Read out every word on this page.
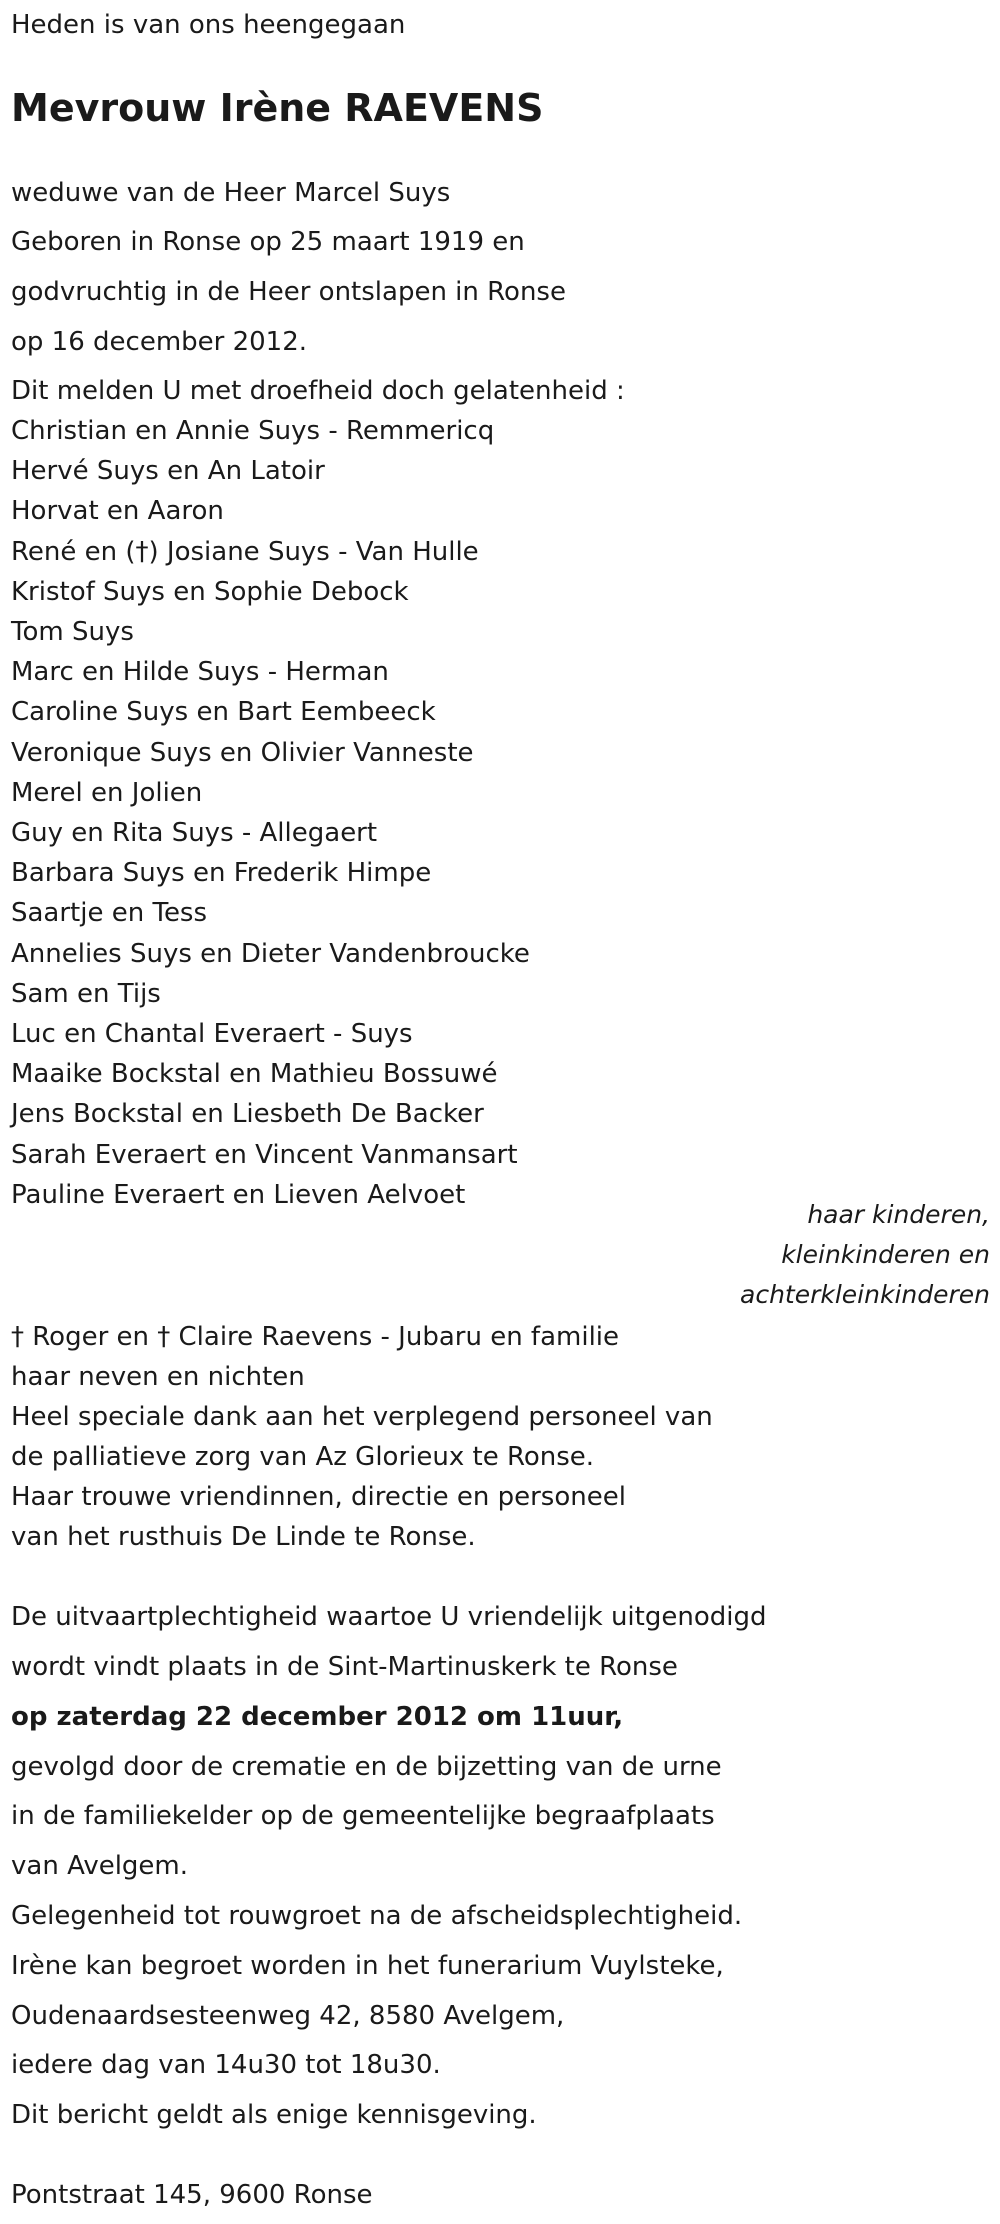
Heden is van ons heengegaan
Mevrouw Irène RAEVENS
weduwe van de Heer Marcel Suys
Geboren in Ronse op 25 maart 1919 en
godvruchtig in de Heer ontslapen in Ronse
op 16 december 2012.
Dit melden U met droefheid doch gelatenheid :
Christian en Annie Suys - Remmericq
Hervé Suys en An Latoir
Horvat en Aaron
René en (†) Josiane Suys - Van Hulle
Kristof Suys en Sophie Debock
Tom Suys
Marc en Hilde Suys - Herman
Caroline Suys en Bart Eembeeck
Veronique Suys en Olivier Vanneste
Merel en Jolien
Guy en Rita Suys - Allegaert
Barbara Suys en Frederik Himpe
Saartje en Tess
Annelies Suys en Dieter Vandenbroucke
Sam en Tijs
Luc en Chantal Everaert - Suys
Maaike Bockstal en Mathieu Bossuwé
Jens Bockstal en Liesbeth De Backer
Sarah Everaert en Vincent Vanmansart
Pauline Everaert en Lieven Aelvoet
haar kinderen,
kleinkinderen en
achterkleinkinderen
† Roger en † Claire Raevens - Jubaru en familie
haar neven en nichten
Heel speciale dank aan het verplegend personeel van
de palliatieve zorg van Az Glorieux te Ronse.
Haar trouwe vriendinnen, directie en personeel
van het rusthuis De Linde te Ronse.
De uitvaartplechtigheid waartoe U vriendelijk uitgenodigd
wordt vindt plaats in de Sint-Martinuskerk te Ronse
op zaterdag 22 december 2012 om 11uur,
gevolgd door de crematie en de bijzetting van de urne
in de familiekelder op de gemeentelijke begraafplaats
van Avelgem.
Gelegenheid tot rouwgroet na de afscheidsplechtigheid.
Irène kan begroet worden in het funerarium Vuylsteke,
Oudenaardsesteenweg 42, 8580 Avelgem,
iedere dag van 14u30 tot 18u30.
Dit bericht geldt als enige kennisgeving.
Pontstraat 145, 9600 Ronse
